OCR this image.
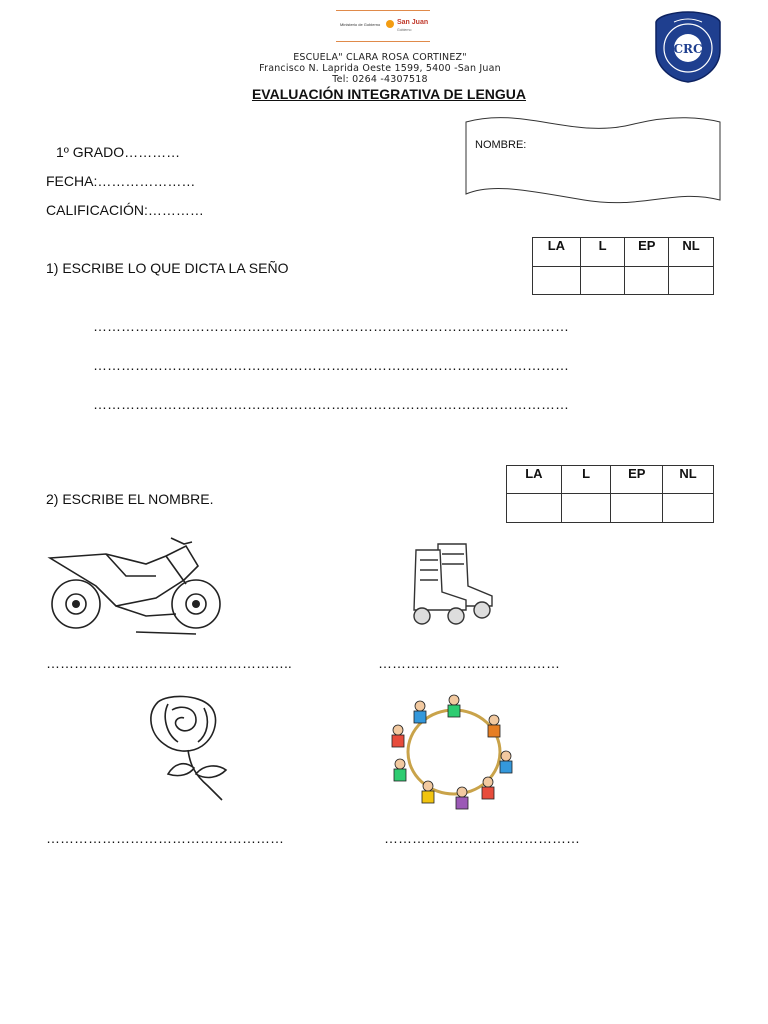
Ministerio de Gobierno San Juan
Gobierno
ESCUELA" CLARA ROSA CORTINEZ"
Francisco N. Laprida Oeste 1599, 5400 -San Juan
Tel: 0264 -4307518
EVALUACIÓN INTEGRATIVA DE LENGUA
CRC
1º GRADO…………
FECHA:…………………
CALIFICACIÓN:…………
NOMBRE:
LA	L	EP	NL

1) ESCRIBE LO QUE DICTA LA SEÑO
…………………………………………………………………………………………
…………………………………………………………………………………………
…………………………………………………………………………………………
LA	L	EP	NL

2) ESCRIBE EL NOMBRE.
……………………………………………..	…………………………………
……………………………………………	……………………………………
